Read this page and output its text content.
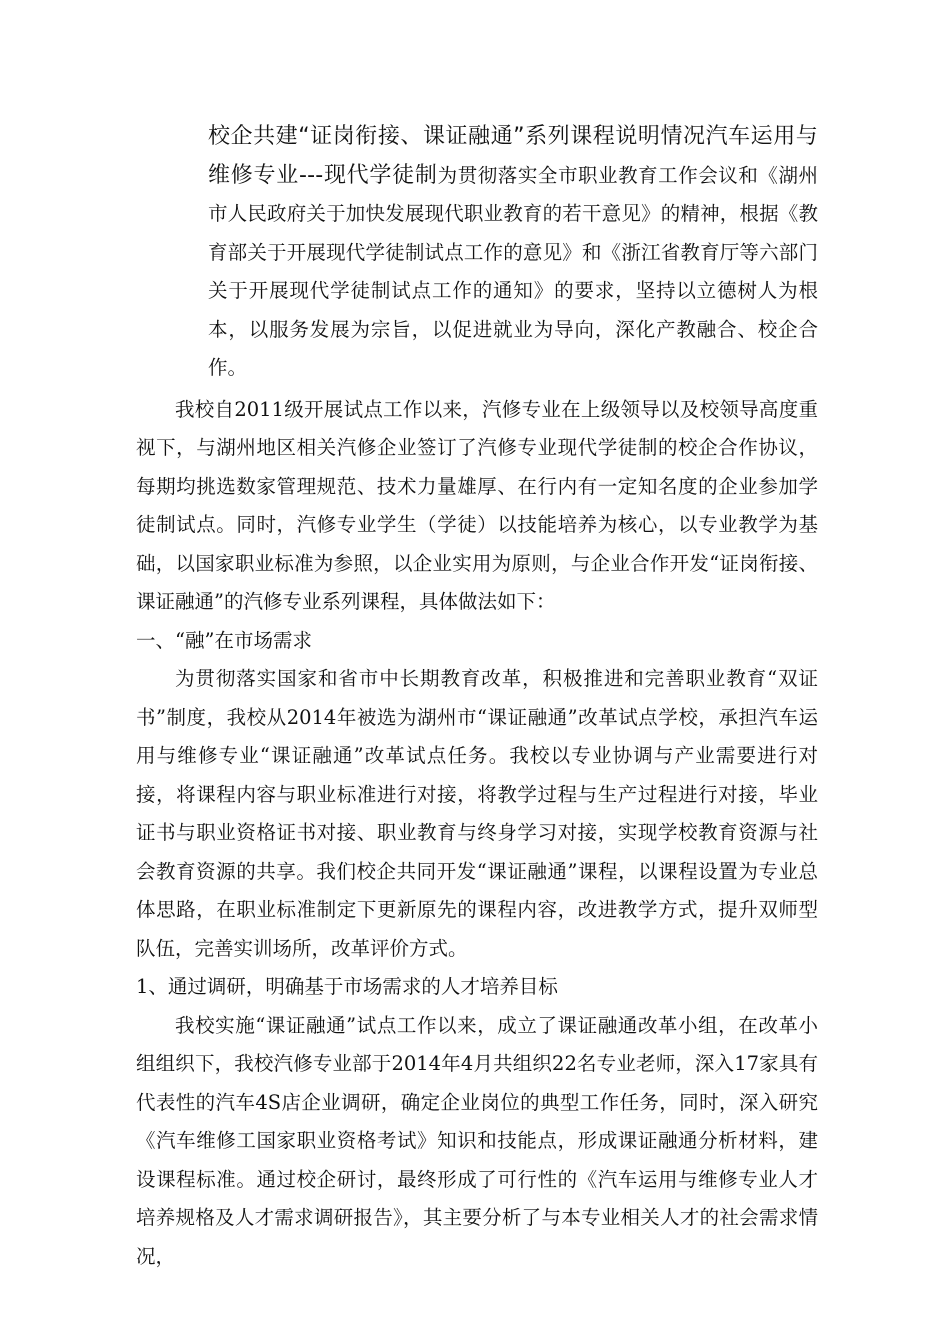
校企共建“证岗衔接、课证融通”系列课程说明情况汽车运用与维修专业---现代学徒制为贯彻落实全市职业教育工作会议和《湖州市人民政府关于加快发展现代职业教育的若干意见》的精神，根据《教育部关于开展现代学徒制试点工作的意见》和《浙江省教育厅等六部门关于开展现代学徒制试点工作的通知》的要求，坚持以立德树人为根本，以服务发展为宗旨，以促进就业为导向，深化产教融合、校企合作。

我校自2011级开展试点工作以来，汽修专业在上级领导以及校领导高度重视下，与湖州地区相关汽修企业签订了汽修专业现代学徒制的校企合作协议，每期均挑选数家管理规范、技术力量雄厚、在行内有一定知名度的企业参加学徒制试点。同时，汽修专业学生（学徒）以技能培养为核心，以专业教学为基础，以国家职业标准为参照，以企业实用为原则，与企业合作开发“证岗衔接、课证融通”的汽修专业系列课程，具体做法如下：

一、“融”在市场需求

为贯彻落实国家和省市中长期教育改革，积极推进和完善职业教育“双证书”制度，我校从2014年被选为湖州市“课证融通”改革试点学校，承担汽车运用与维修专业“课证融通”改革试点任务。我校以专业协调与产业需要进行对接，将课程内容与职业标准进行对接，将教学过程与生产过程进行对接，毕业证书与职业资格证书对接、职业教育与终身学习对接，实现学校教育资源与社会教育资源的共享。我们校企共同开发“课证融通”课程，以课程设置为专业总体思路，在职业标准制定下更新原先的课程内容，改进教学方式，提升双师型队伍，完善实训场所，改革评价方式。

1、通过调研，明确基于市场需求的人才培养目标

我校实施“课证融通”试点工作以来，成立了课证融通改革小组，在改革小组组织下，我校汽修专业部于2014年4月共组织22名专业老师，深入17家具有代表性的汽车4S店企业调研，确定企业岗位的典型工作任务，同时，深入研究《汽车维修工国家职业资格考试》知识和技能点，形成课证融通分析材料，建设课程标准。通过校企研讨，最终形成了可行性的《汽车运用与维修专业人才培养规格及人才需求调研报告》，其主要分析了与本专业相关人才的社会需求情况，
